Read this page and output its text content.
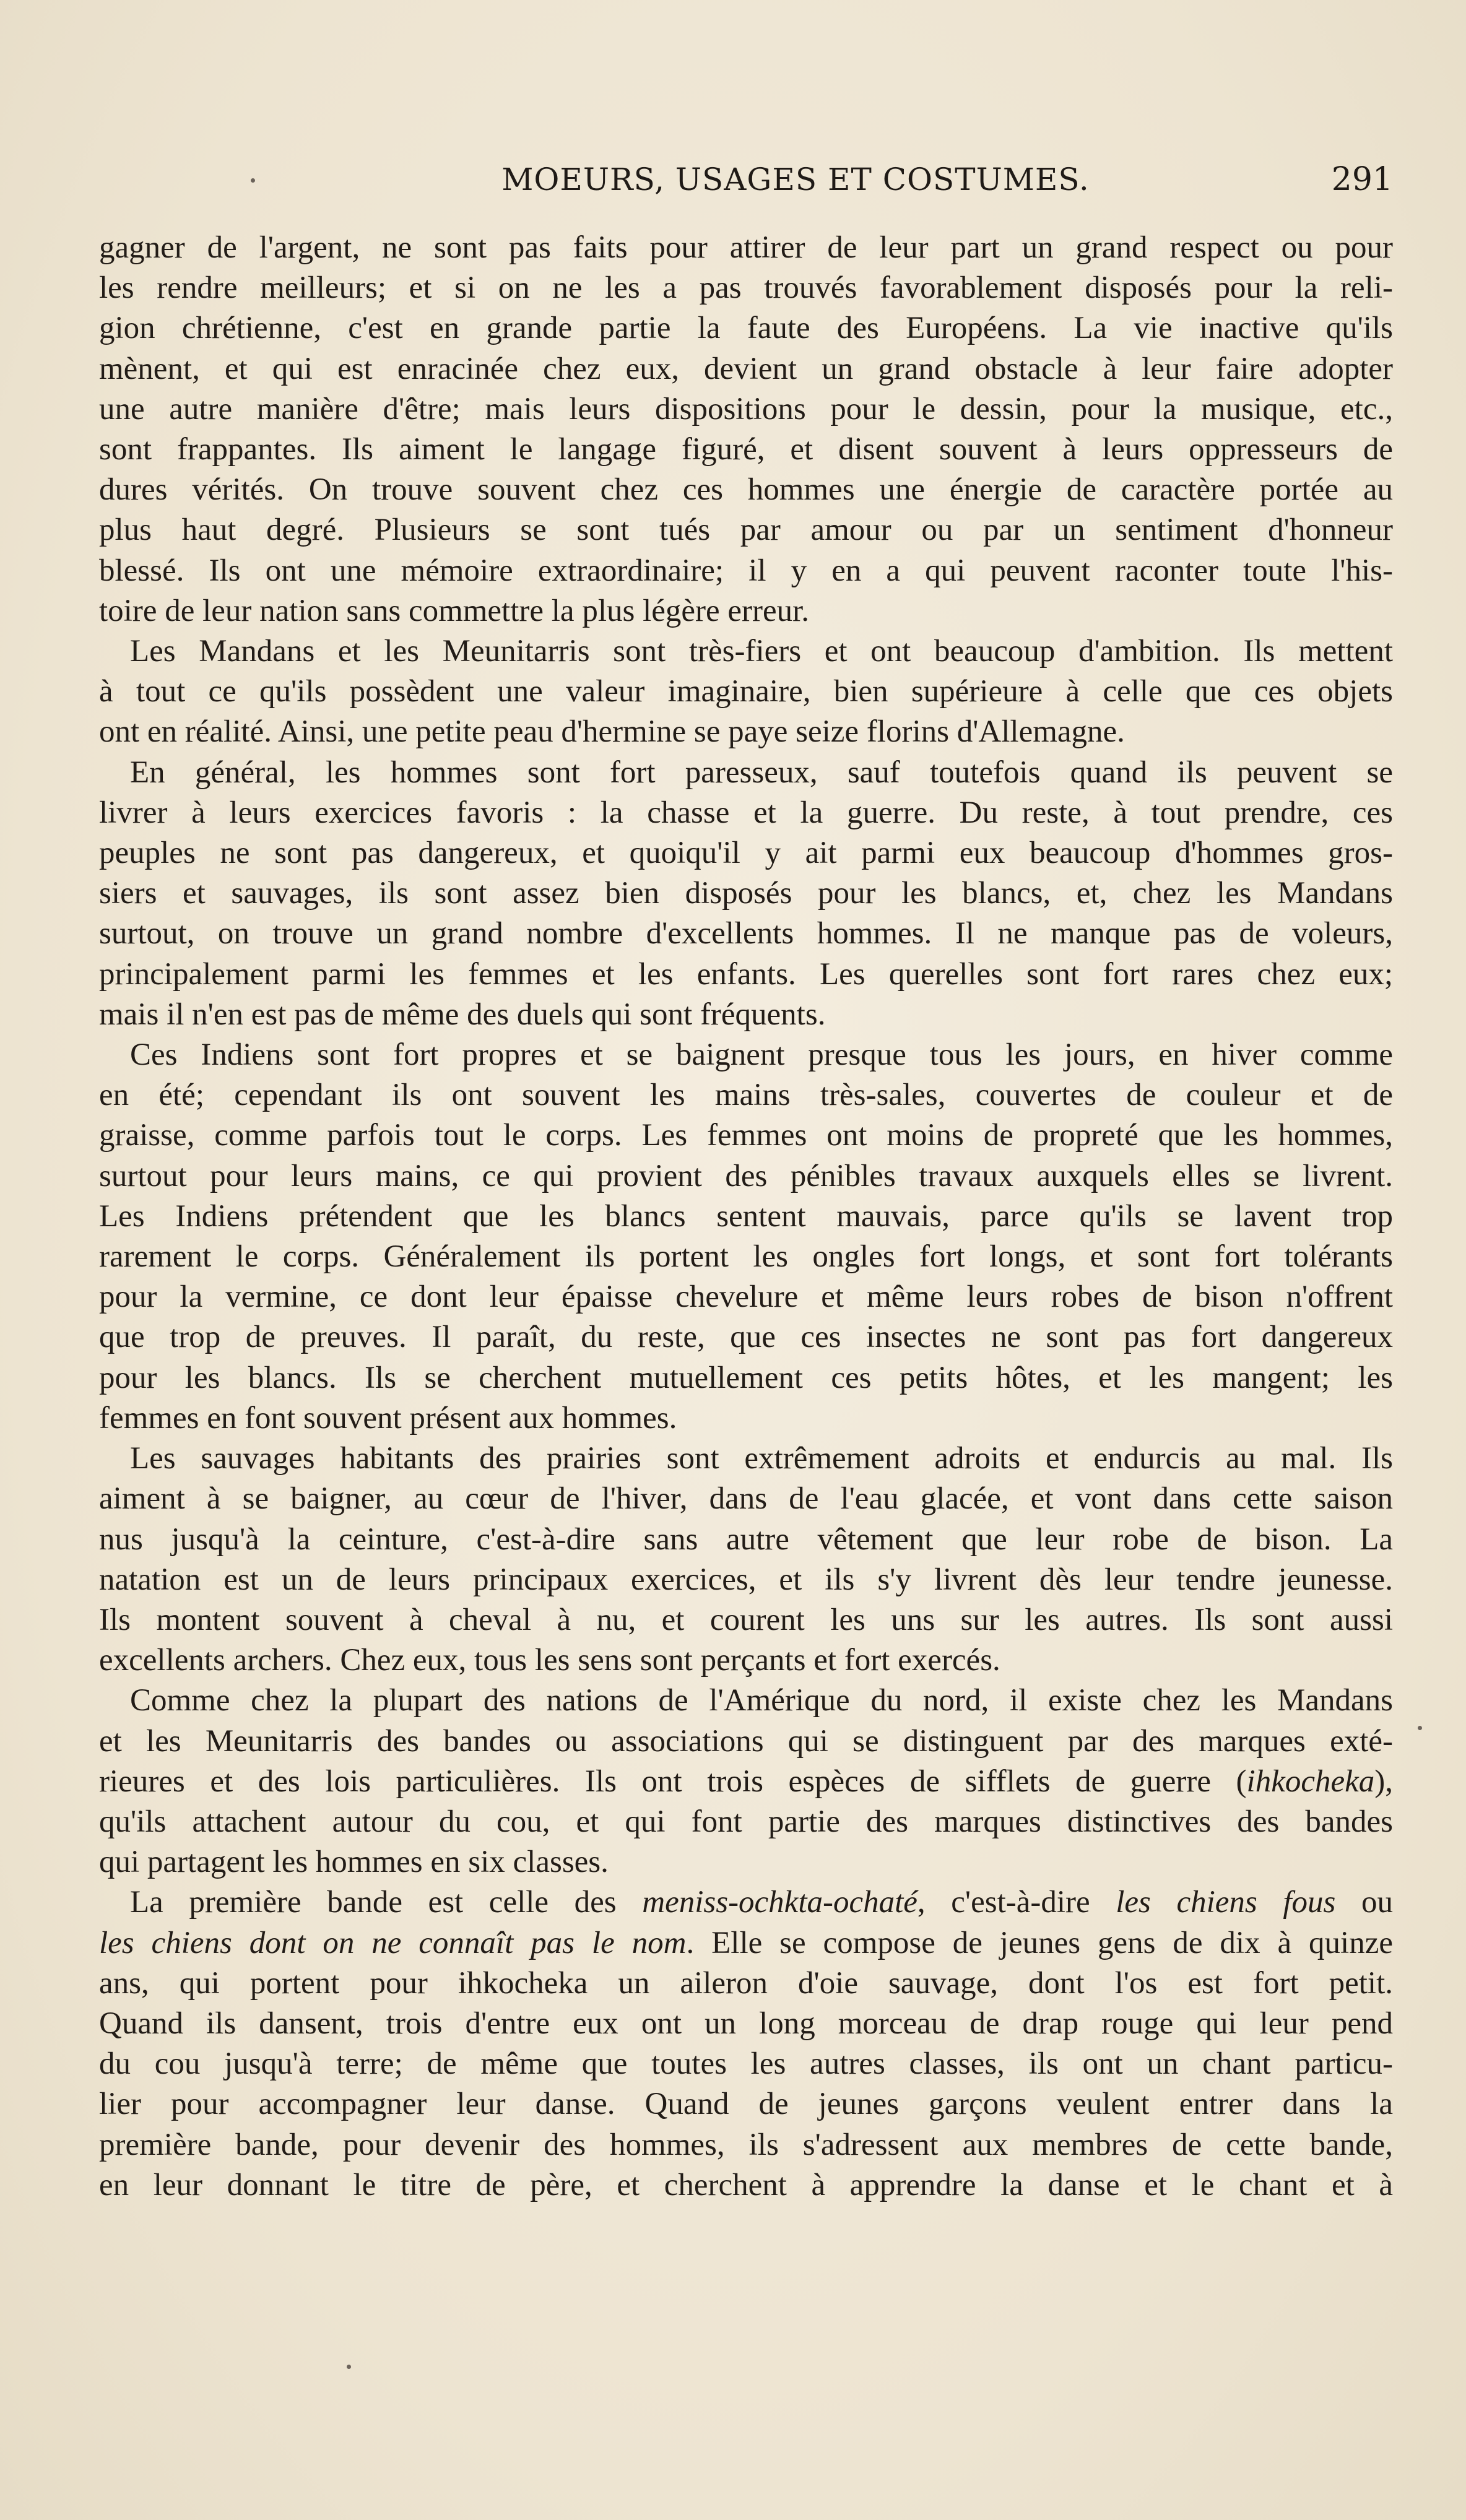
MOEURS, USAGES ET COSTUMES.	291
gagner de l'argent, ne sont pas faits pour attirer de leur part un grand respect ou pour
les rendre meilleurs; et si on ne les a pas trouvés favorablement disposés pour la reli-
gion chrétienne, c'est en grande partie la faute des Européens. La vie inactive qu'ils
mènent, et qui est enracinée chez eux, devient un grand obstacle à leur faire adopter
une autre manière d'être; mais leurs dispositions pour le dessin, pour la musique, etc.,
sont frappantes. Ils aiment le langage figuré, et disent souvent à leurs oppresseurs de
dures vérités. On trouve souvent chez ces hommes une énergie de caractère portée au
plus haut degré. Plusieurs se sont tués par amour ou par un sentiment d'honneur
blessé. Ils ont une mémoire extraordinaire; il y en a qui peuvent raconter toute l'his-
toire de leur nation sans commettre la plus légère erreur.
Les Mandans et les Meunitarris sont très-fiers et ont beaucoup d'ambition. Ils mettent
à tout ce qu'ils possèdent une valeur imaginaire, bien supérieure à celle que ces objets
ont en réalité. Ainsi, une petite peau d'hermine se paye seize florins d'Allemagne.
En général, les hommes sont fort paresseux, sauf toutefois quand ils peuvent se
livrer à leurs exercices favoris : la chasse et la guerre. Du reste, à tout prendre, ces
peuples ne sont pas dangereux, et quoiqu'il y ait parmi eux beaucoup d'hommes gros-
siers et sauvages, ils sont assez bien disposés pour les blancs, et, chez les Mandans
surtout, on trouve un grand nombre d'excellents hommes. Il ne manque pas de voleurs,
principalement parmi les femmes et les enfants. Les querelles sont fort rares chez eux;
mais il n'en est pas de même des duels qui sont fréquents.
Ces Indiens sont fort propres et se baignent presque tous les jours, en hiver comme
en été; cependant ils ont souvent les mains très-sales, couvertes de couleur et de
graisse, comme parfois tout le corps. Les femmes ont moins de propreté que les hommes,
surtout pour leurs mains, ce qui provient des pénibles travaux auxquels elles se livrent.
Les Indiens prétendent que les blancs sentent mauvais, parce qu'ils se lavent trop
rarement le corps. Généralement ils portent les ongles fort longs, et sont fort tolérants
pour la vermine, ce dont leur épaisse chevelure et même leurs robes de bison n'offrent
que trop de preuves. Il paraît, du reste, que ces insectes ne sont pas fort dangereux
pour les blancs. Ils se cherchent mutuellement ces petits hôtes, et les mangent; les
femmes en font souvent présent aux hommes.
Les sauvages habitants des prairies sont extrêmement adroits et endurcis au mal. Ils
aiment à se baigner, au cœur de l'hiver, dans de l'eau glacée, et vont dans cette saison
nus jusqu'à la ceinture, c'est-à-dire sans autre vêtement que leur robe de bison. La
natation est un de leurs principaux exercices, et ils s'y livrent dès leur tendre jeunesse.
Ils montent souvent à cheval à nu, et courent les uns sur les autres. Ils sont aussi
excellents archers. Chez eux, tous les sens sont perçants et fort exercés.
Comme chez la plupart des nations de l'Amérique du nord, il existe chez les Mandans
et les Meunitarris des bandes ou associations qui se distinguent par des marques exté-
rieures et des lois particulières. Ils ont trois espèces de sifflets de guerre (ihkocheka),
qu'ils attachent autour du cou, et qui font partie des marques distinctives des bandes
qui partagent les hommes en six classes.
La première bande est celle des meniss-ochkta-ochaté, c'est-à-dire les chiens fous ou
les chiens dont on ne connaît pas le nom. Elle se compose de jeunes gens de dix à quinze
ans, qui portent pour ihkocheka un aileron d'oie sauvage, dont l'os est fort petit.
Quand ils dansent, trois d'entre eux ont un long morceau de drap rouge qui leur pend
du cou jusqu'à terre; de même que toutes les autres classes, ils ont un chant particu-
lier pour accompagner leur danse. Quand de jeunes garçons veulent entrer dans la
première bande, pour devenir des hommes, ils s'adressent aux membres de cette bande,
en leur donnant le titre de père, et cherchent à apprendre la danse et le chant et à
